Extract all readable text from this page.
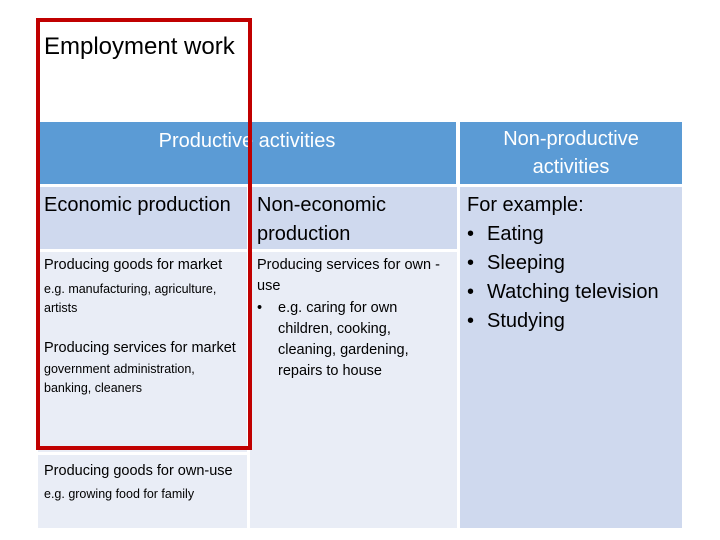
Employment work
Productive activities	Non-productive activities
Economic production	Non-economic production
Producing goods for market
e.g. manufacturing, agriculture, artists
Producing services for market
government administration, banking, cleaners
Producing goods for own-use
e.g. growing food for family
Producing services for own -use
• e.g. caring for own children, cooking, cleaning, gardening, repairs to house
For example:
• Eating
• Sleeping
• Watching television
• Studying
